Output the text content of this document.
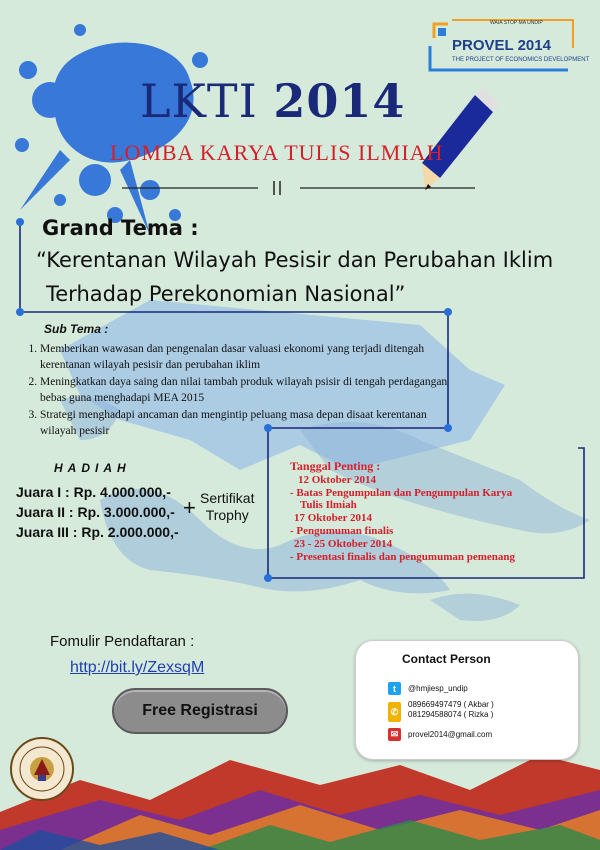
WAIA STOP MA UNDIP
PROVEL 2014
THE PROJECT OF ECONOMICS DEVELOPMENT
LKTI 2014
LOMBA KARYA TULIS ILMIAH
Grand Tema :
“Kerentanan Wilayah Pesisir dan Perubahan Iklim
Terhadap Perekonomian Nasional”
Sub Tema :
1. Memberikan wawasan dan pengenalan dasar valuasi ekonomi yang terjadi ditengah kerentanan wilayah pesisir dan perubahan iklim
2. Meningkatkan daya saing dan nilai tambah produk wilayah psisir di tengah perdagangan bebas guna menghadapi MEA 2015
3. Strategi menghadapi ancaman dan mengintip peluang masa depan disaat kerentanan wilayah pesisir
HADIAH
Juara I : Rp. 4.000.000,-
Juara II : Rp. 3.000.000,-
Juara III : Rp. 2.000.000,-
+ Sertifikat
Trophy
Tanggal Penting :
12 Oktober 2014
- Batas Pengumpulan dan Pengumpulan Karya
Tulis Ilmiah
17 Oktober 2014
- Pengumuman finalis
23 - 25 Oktober 2014
- Presentasi finalis dan pengumuman pemenang
Fomulir Pendaftaran :
http://bit.ly/ZexsqM
Free Registrasi
Contact Person
t	@hmjiesp_undip
✆
089669497479 ( Akbar )
081294588074 ( Rizka )
✉	provel2014@gmail.com
